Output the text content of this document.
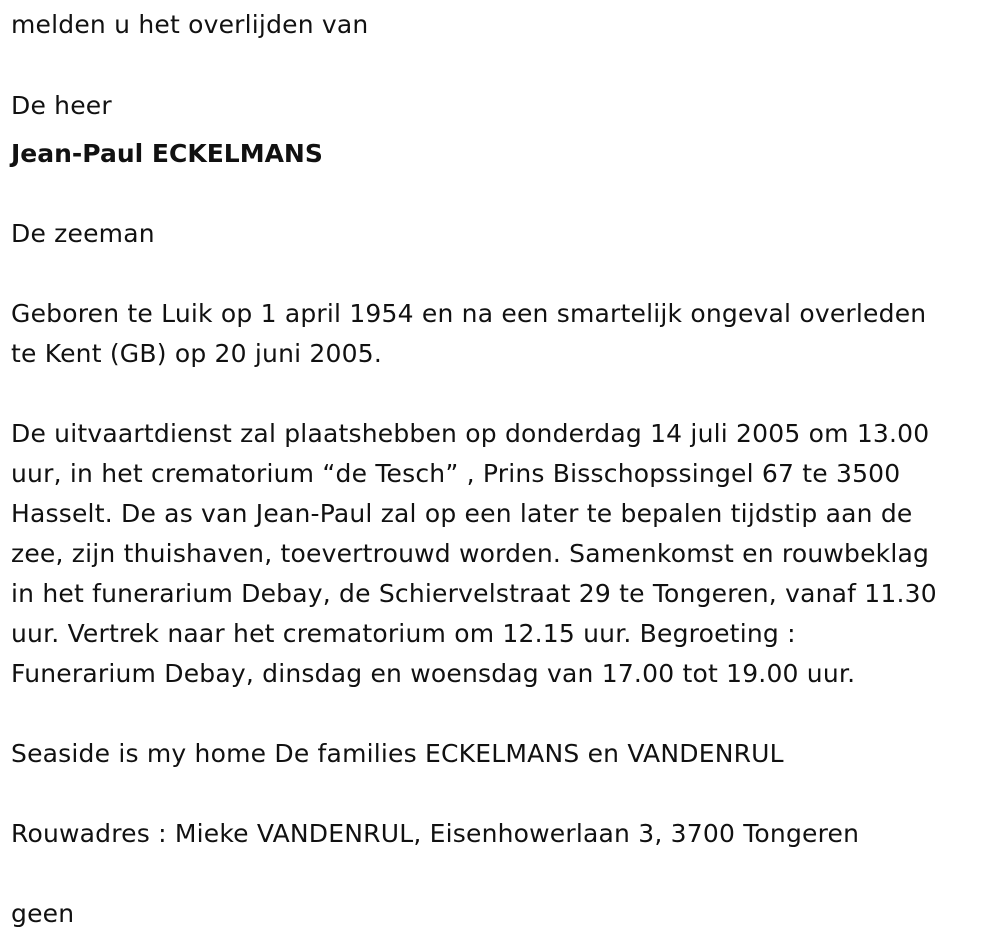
melden u het overlijden van
De heer
Jean-Paul ECKELMANS
De zeeman
Geboren te Luik op 1 april 1954 en na een smartelijk ongeval overleden
te Kent (GB) op 20 juni 2005.
De uitvaartdienst zal plaatshebben op donderdag 14 juli 2005 om 13.00
uur, in het crematorium “de Tesch” , Prins Bisschopssingel 67 te 3500
Hasselt. De as van Jean-Paul zal op een later te bepalen tijdstip aan de
zee, zijn thuishaven, toevertrouwd worden. Samenkomst en rouwbeklag
in het funerarium Debay, de Schiervelstraat 29 te Tongeren, vanaf 11.30
uur. Vertrek naar het crematorium om 12.15 uur. Begroeting :
Funerarium Debay, dinsdag en woensdag van 17.00 tot 19.00 uur.
Seaside is my home De families ECKELMANS en VANDENRUL
Rouwadres : Mieke VANDENRUL, Eisenhowerlaan 3, 3700 Tongeren
geen
